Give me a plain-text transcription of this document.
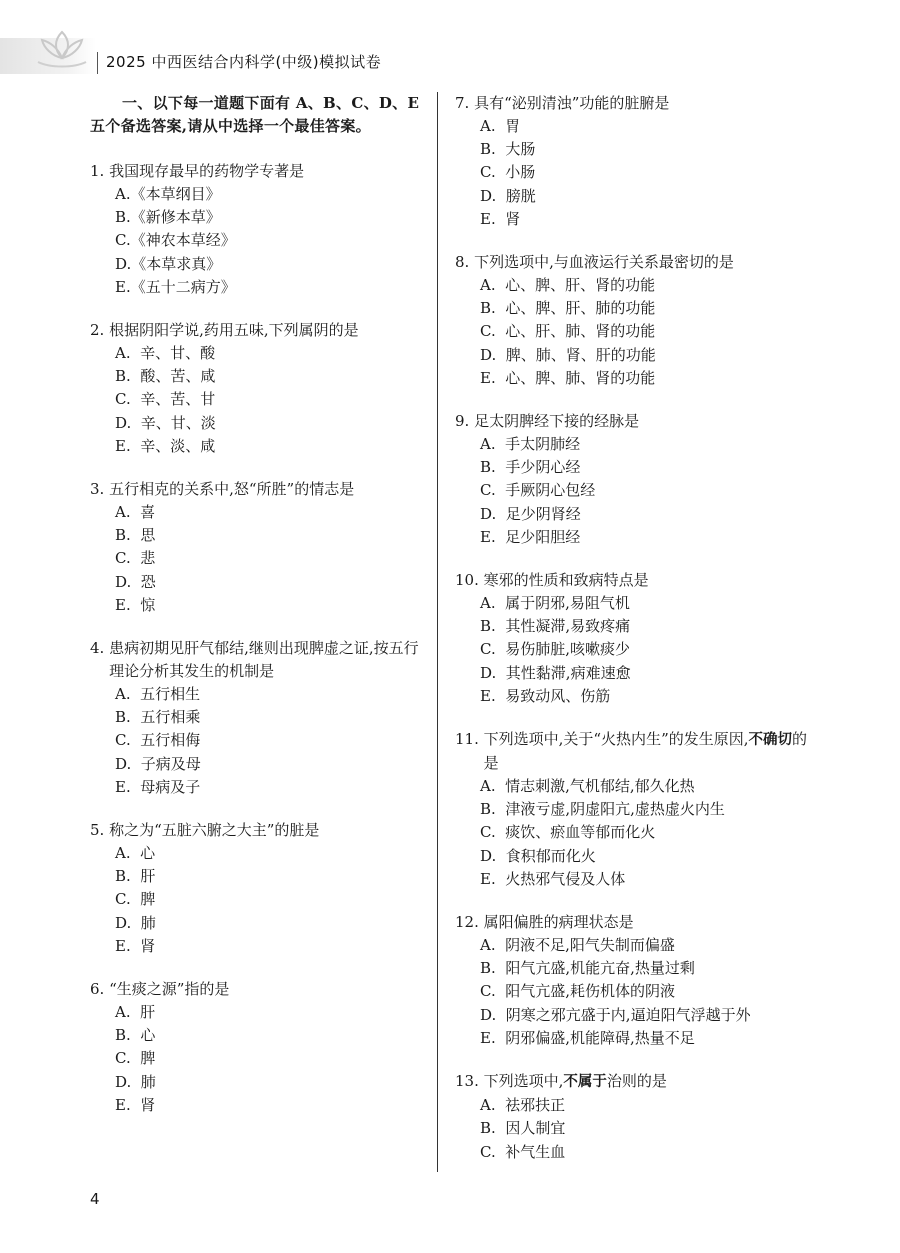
2025 中西医结合内科学(中级)模拟试卷
一、以下每一道题下面有 A、B、C、D、E 五个备选答案,请从中选择一个最佳答案。
1. 我国现存最早的药物学专著是
A.《本草纲目》
B.《新修本草》
C.《神农本草经》
D.《本草求真》
E.《五十二病方》
2. 根据阴阳学说,药用五味,下列属阴的是
A.  辛、甘、酸
B.  酸、苦、咸
C.  辛、苦、甘
D.  辛、甘、淡
E.  辛、淡、咸
3. 五行相克的关系中,怒“所胜”的情志是
A.  喜
B.  思
C.  悲
D.  恐
E.  惊
4. 患病初期见肝气郁结,继则出现脾虚之证,按五行理论分析其发生的机制是
A.  五行相生
B.  五行相乘
C.  五行相侮
D.  子病及母
E.  母病及子
5. 称之为“五脏六腑之大主”的脏是
A.  心
B.  肝
C.  脾
D.  肺
E.  肾
6. “生痰之源”指的是
A.  肝
B.  心
C.  脾
D.  肺
E.  肾
7. 具有“泌别清浊”功能的脏腑是
A.  胃
B.  大肠
C.  小肠
D.  膀胱
E.  肾
8. 下列选项中,与血液运行关系最密切的是
A.  心、脾、肝、肾的功能
B.  心、脾、肝、肺的功能
C.  心、肝、肺、肾的功能
D.  脾、肺、肾、肝的功能
E.  心、脾、肺、肾的功能
9. 足太阴脾经下接的经脉是
A.  手太阴肺经
B.  手少阴心经
C.  手厥阴心包经
D.  足少阴肾经
E.  足少阳胆经
10. 寒邪的性质和致病特点是
A.  属于阴邪,易阻气机
B.  其性凝滞,易致疼痛
C.  易伤肺脏,咳嗽痰少
D.  其性黏滞,病难速愈
E.  易致动风、伤筋
11. 下列选项中,关于“火热内生”的发生原因,不确切的是
A.  情志刺激,气机郁结,郁久化热
B.  津液亏虚,阴虚阳亢,虚热虚火内生
C.  痰饮、瘀血等郁而化火
D.  食积郁而化火
E.  火热邪气侵及人体
12. 属阳偏胜的病理状态是
A.  阴液不足,阳气失制而偏盛
B.  阳气亢盛,机能亢奋,热量过剩
C.  阳气亢盛,耗伤机体的阴液
D.  阴寒之邪亢盛于内,逼迫阳气浮越于外
E.  阴邪偏盛,机能障碍,热量不足
13. 下列选项中,不属于治则的是
A.  祛邪扶正
B.  因人制宜
C.  补气生血
4
